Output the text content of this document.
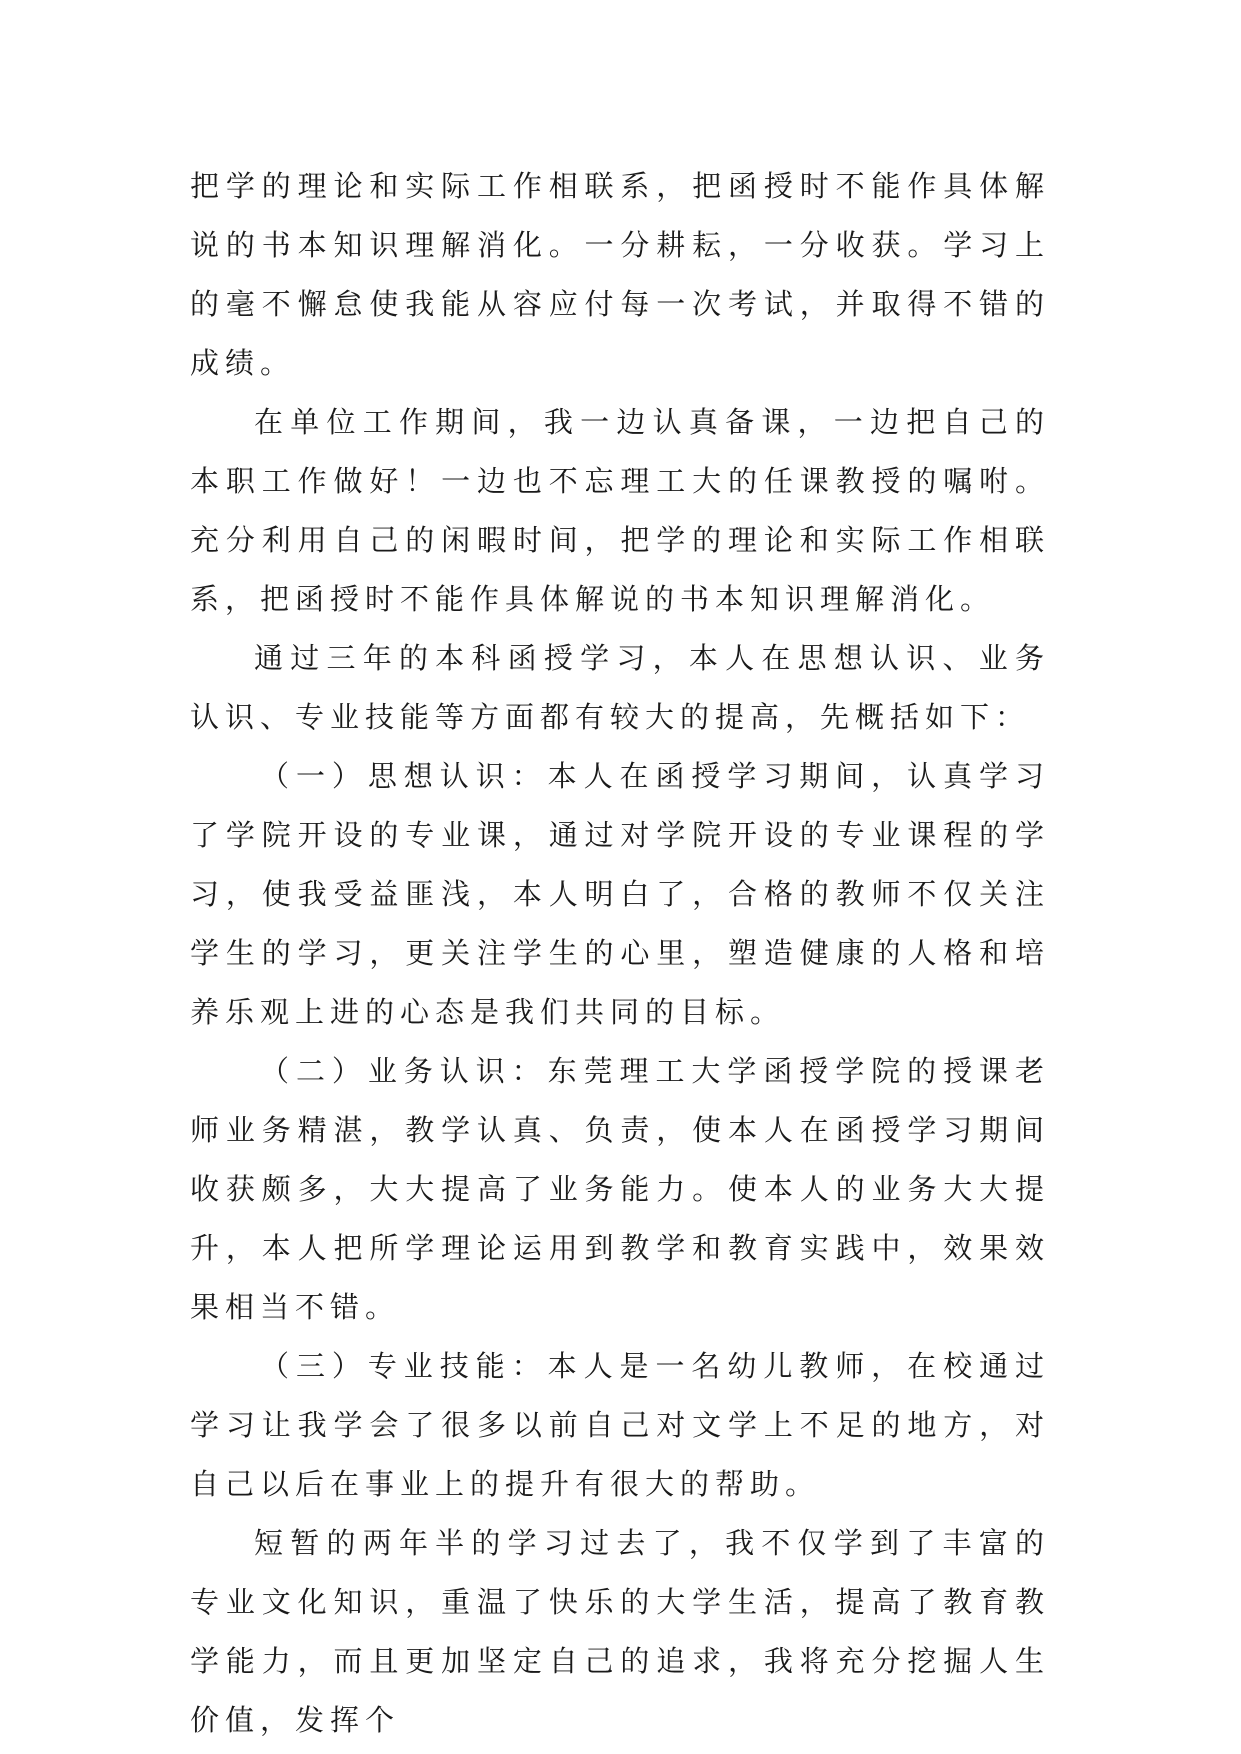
把学的理论和实际工作相联系，把函授时不能作具体解说的书本知识理解消化。一分耕耘，一分收获。学习上的毫不懈怠使我能从容应付每一次考试，并取得不错的成绩。

在单位工作期间，我一边认真备课，一边把自己的本职工作做好！一边也不忘理工大的任课教授的嘱咐。充分利用自己的闲暇时间，把学的理论和实际工作相联系，把函授时不能作具体解说的书本知识理解消化。

通过三年的本科函授学习，本人在思想认识、业务认识、专业技能等方面都有较大的提高，先概括如下：

（一）思想认识：本人在函授学习期间，认真学习了学院开设的专业课，通过对学院开设的专业课程的学习，使我受益匪浅，本人明白了，合格的教师不仅关注学生的学习，更关注学生的心里，塑造健康的人格和培养乐观上进的心态是我们共同的目标。

（二）业务认识：东莞理工大学函授学院的授课老师业务精湛，教学认真、负责，使本人在函授学习期间收获颇多，大大提高了业务能力。使本人的业务大大提升，本人把所学理论运用到教学和教育实践中，效果效果相当不错。

（三）专业技能：本人是一名幼儿教师，在校通过学习让我学会了很多以前自己对文学上不足的地方，对自己以后在事业上的提升有很大的帮助。

短暂的两年半的学习过去了，我不仅学到了丰富的专业文化知识，重温了快乐的大学生活，提高了教育教学能力，而且更加坚定自己的追求，我将充分挖掘人生价值，发挥个
